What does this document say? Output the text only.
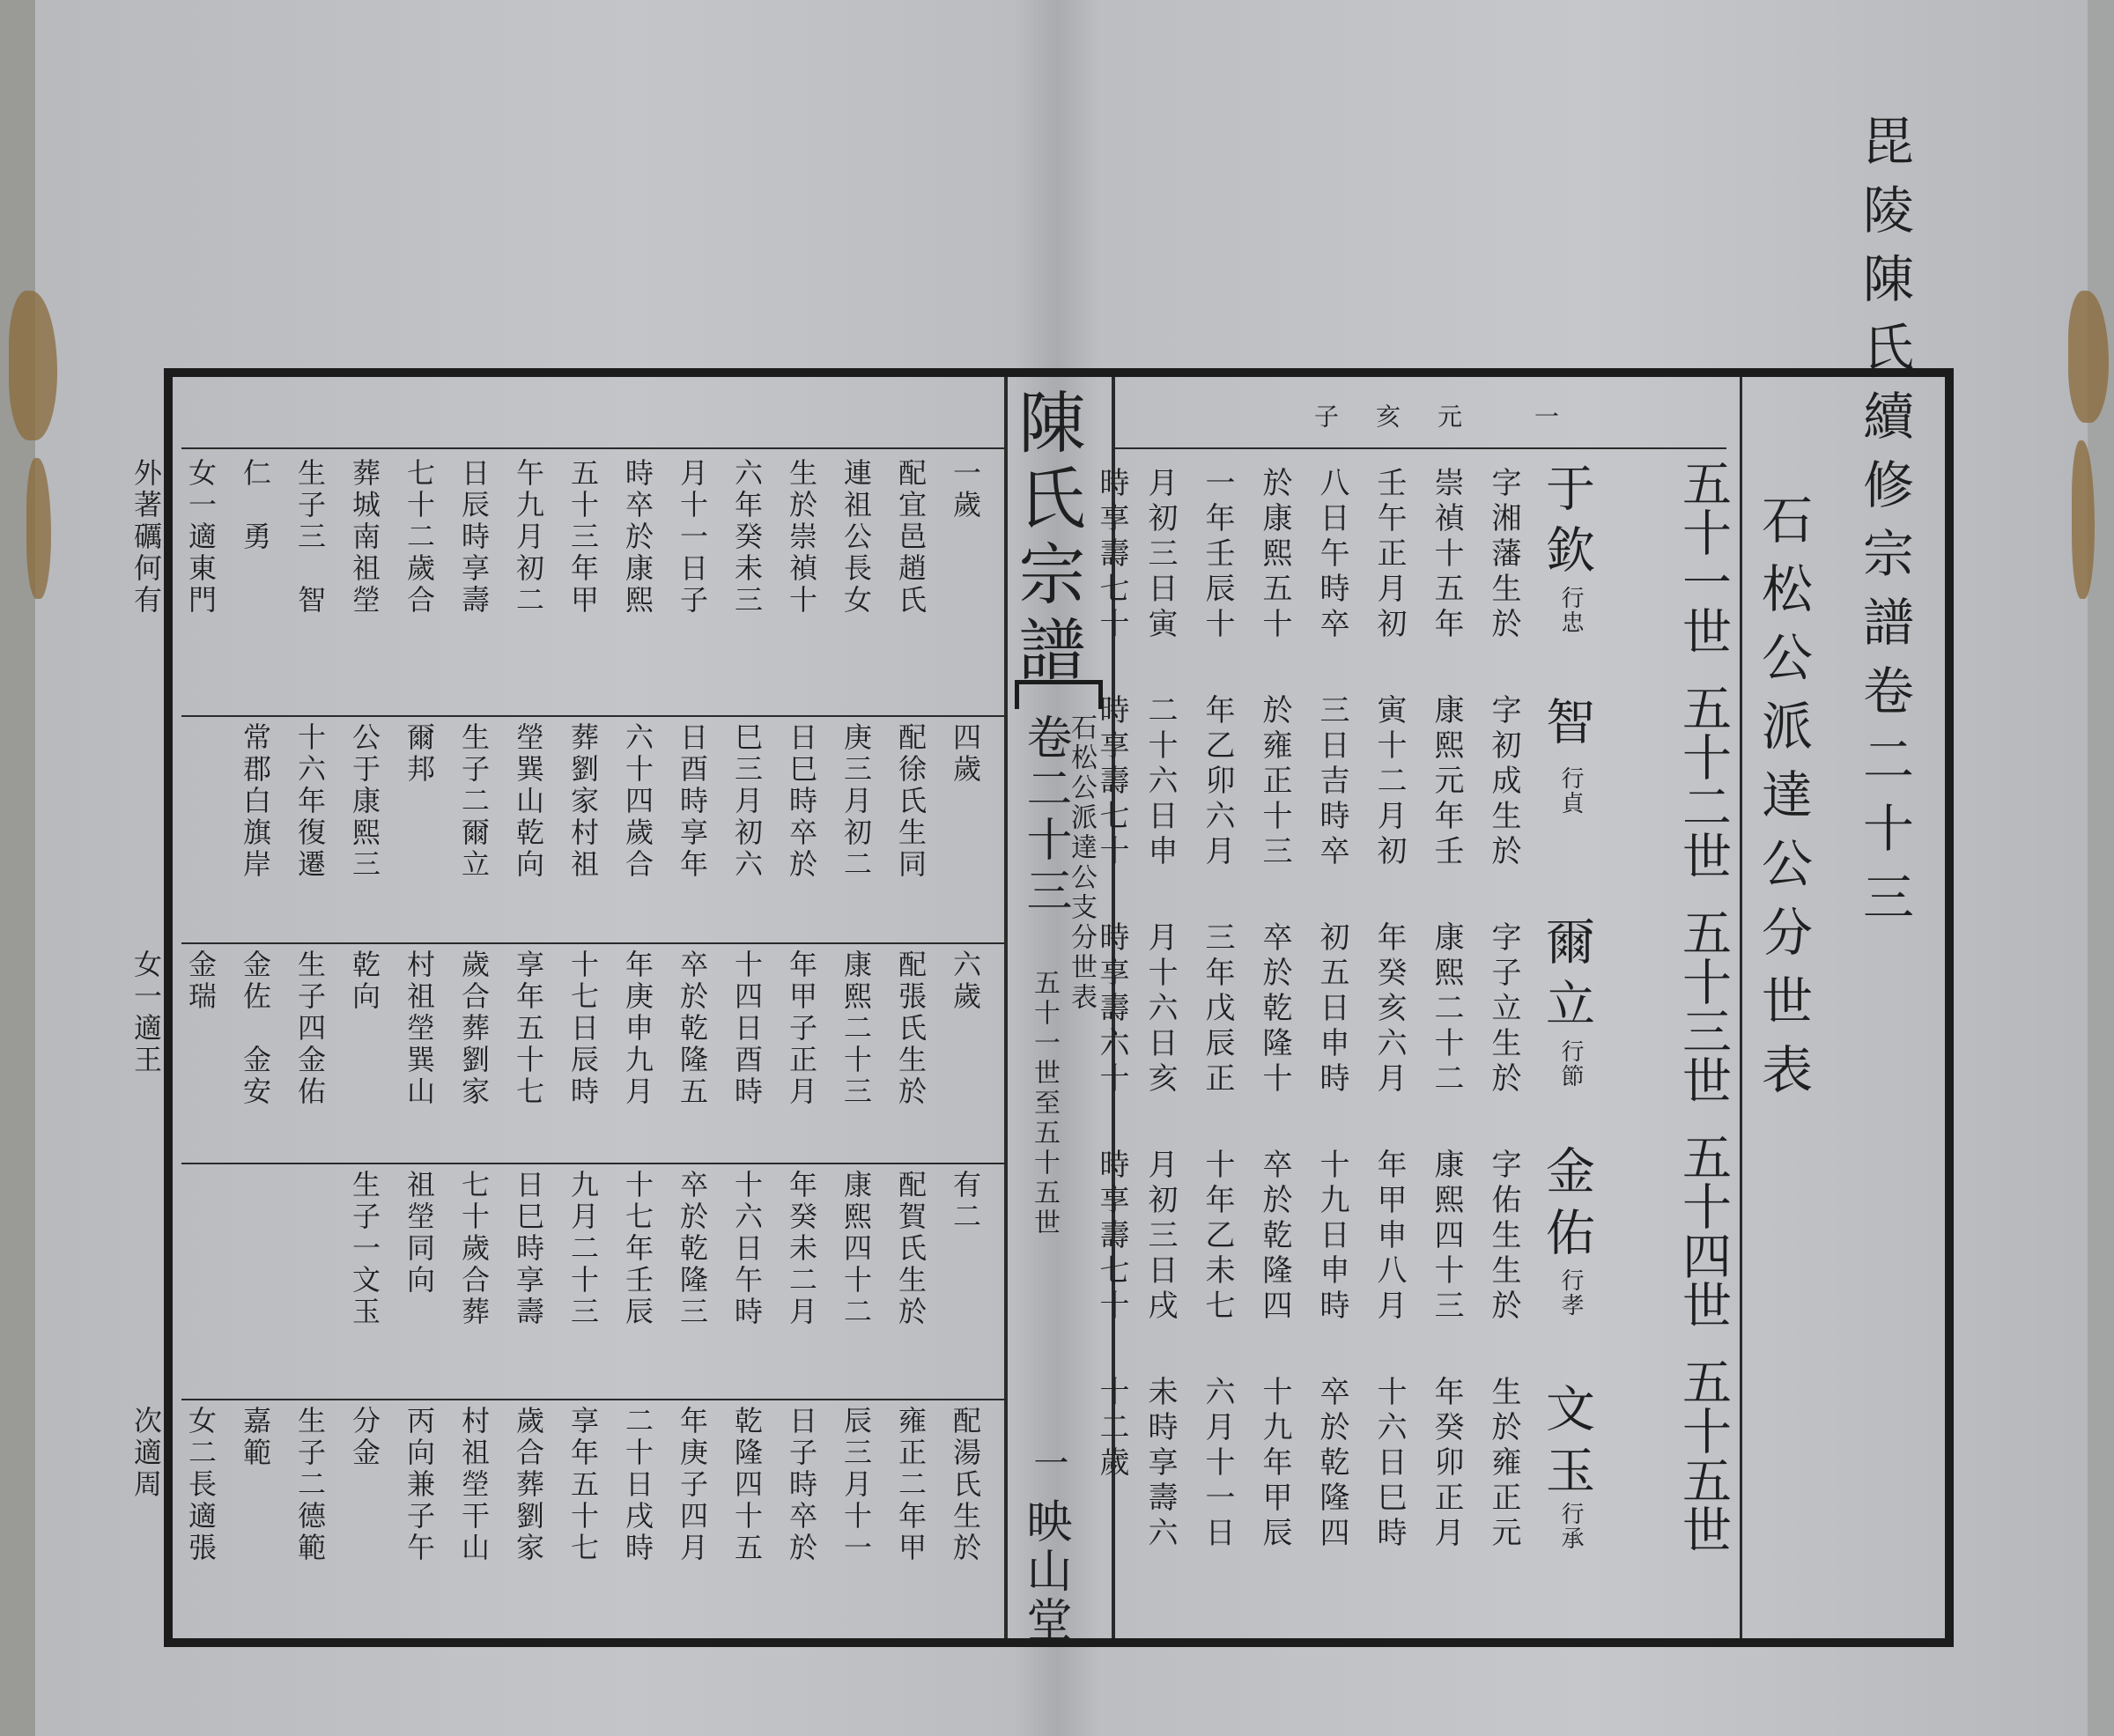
毘陵陳氏續修宗譜卷二十三
石松公派達公分世表
五十一世
五十二世
五十三世
五十四世
五十五世
一
元
亥
子
于欽
行忠
智
行貞
爾立
行節
金佑
行孝
文玉
行承
陳氏宗譜
卷二十三
五十一世至五十五世
石松公派達公支分世表
一
映山堂
字湘藩生於
崇禎十五年
壬午正月初
八日午時卒
於康熙五十
一年壬辰十
月初三日寅
時享壽七十
字初成生於
康熙元年壬
寅十二月初
三日吉時卒
於雍正十三
年乙卯六月
二十六日申
時享壽七十
字子立生於
康熙二十二
年癸亥六月
初五日申時
卒於乾隆十
三年戊辰正
月十六日亥
時享壽六十
字佑生生於
康熙四十三
年甲申八月
十九日申時
卒於乾隆四
十年乙未七
月初三日戌
時享壽七十
生於雍正元
年癸卯正月
十六日巳時
卒於乾隆四
十九年甲辰
六月十一日
未時享壽六
十二歲
一歲
配宜邑趙氏
連祖公長女
生於崇禎十
六年癸未三
月十一日子
時卒於康熙
五十三年甲
午九月初二
日辰時享壽
七十二歲合
葬城南祖塋
生子三　智
仁　勇
女一適東門
外著礪何有
四歲
配徐氏生同
庚三月初二
日巳時卒於
巳三月初六
日酉時享年
六十四歲合
葬劉家村祖
塋巽山乾向
生子二爾立
爾邦
公于康熙三
十六年復遷
常郡白旗岸
六歲
配張氏生於
康熙二十三
年甲子正月
十四日酉時
卒於乾隆五
年庚申九月
十七日辰時
享年五十七
歲合葬劉家
村祖塋巽山
乾向
生子四金佑
金佐　金安
金瑞
女一適王
有二
配賀氏生於
康熙四十二
年癸未二月
十六日午時
卒於乾隆三
十七年壬辰
九月二十三
日巳時享壽
七十歲合葬
祖塋同向
生子一文玉
配湯氏生於
雍正二年甲
辰三月十一
日子時卒於
乾隆四十五
年庚子四月
二十日戌時
享年五十七
歲合葬劉家
村祖塋干山
丙向兼子午
分金
生子二德範
嘉範
女二長適張
次適周
